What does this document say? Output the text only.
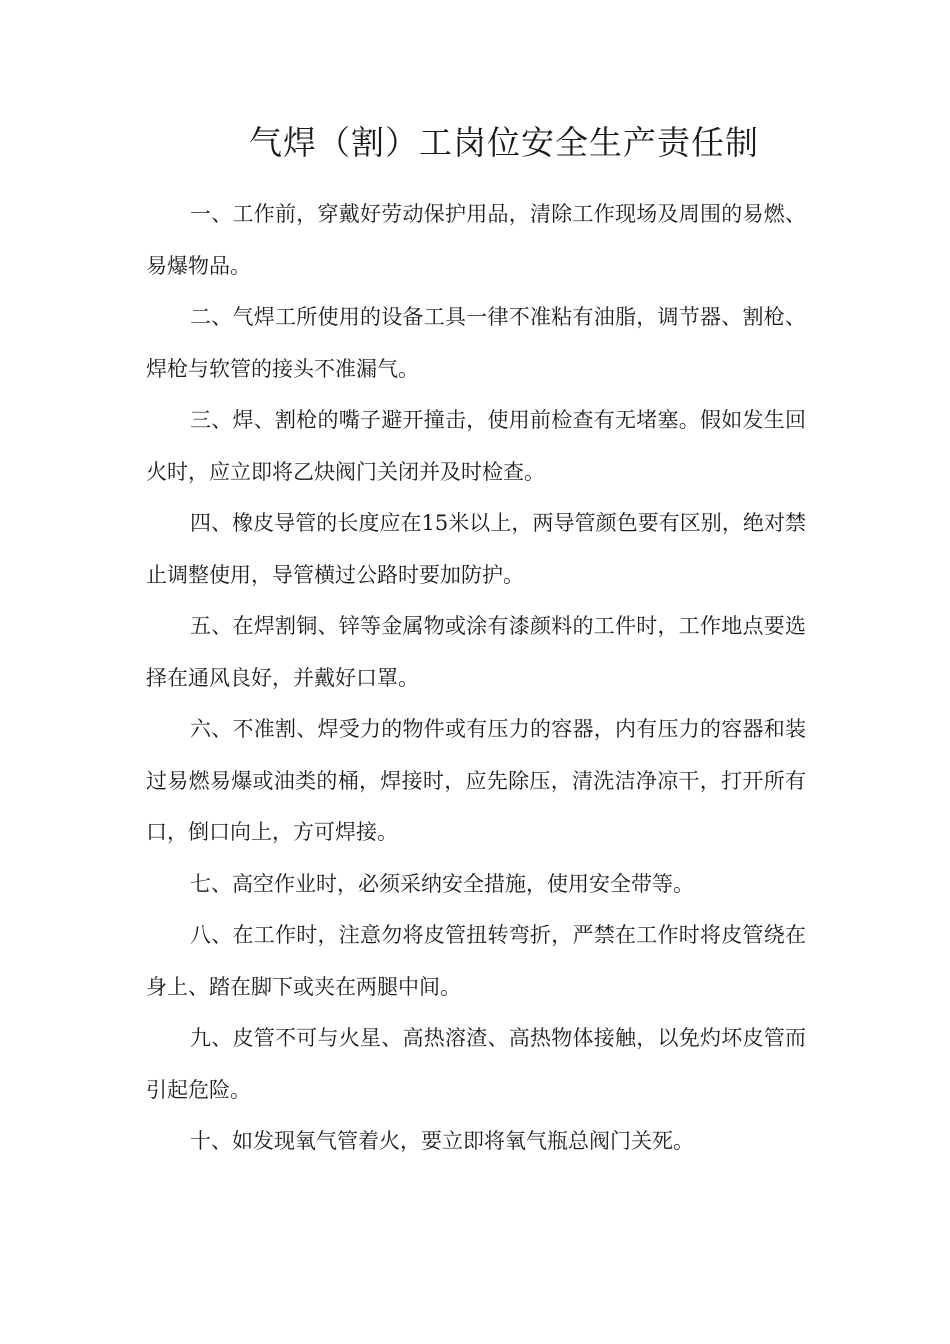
气焊（割）工岗位安全生产责任制

一、工作前，穿戴好劳动保护用品，清除工作现场及周围的易燃、易爆物品。

二、气焊工所使用的设备工具一律不准粘有油脂，调节器、割枪、焊枪与软管的接头不准漏气。

三、焊、割枪的嘴子避开撞击，使用前检查有无堵塞。假如发生回火时，应立即将乙炔阀门关闭并及时检查。

四、橡皮导管的长度应在15米以上，两导管颜色要有区别，绝对禁止调整使用，导管横过公路时要加防护。

五、在焊割铜、锌等金属物或涂有漆颜料的工件时，工作地点要选择在通风良好，并戴好口罩。

六、不准割、焊受力的物件或有压力的容器，内有压力的容器和装过易燃易爆或油类的桶，焊接时，应先除压，清洗洁净凉干，打开所有口，倒口向上，方可焊接。

七、高空作业时，必须采纳安全措施，使用安全带等。

八、在工作时，注意勿将皮管扭转弯折，严禁在工作时将皮管绕在身上、踏在脚下或夹在两腿中间。

九、皮管不可与火星、高热溶渣、高热物体接触，以免灼坏皮管而引起危险。

十、如发现氧气管着火，要立即将氧气瓶总阀门关死。
